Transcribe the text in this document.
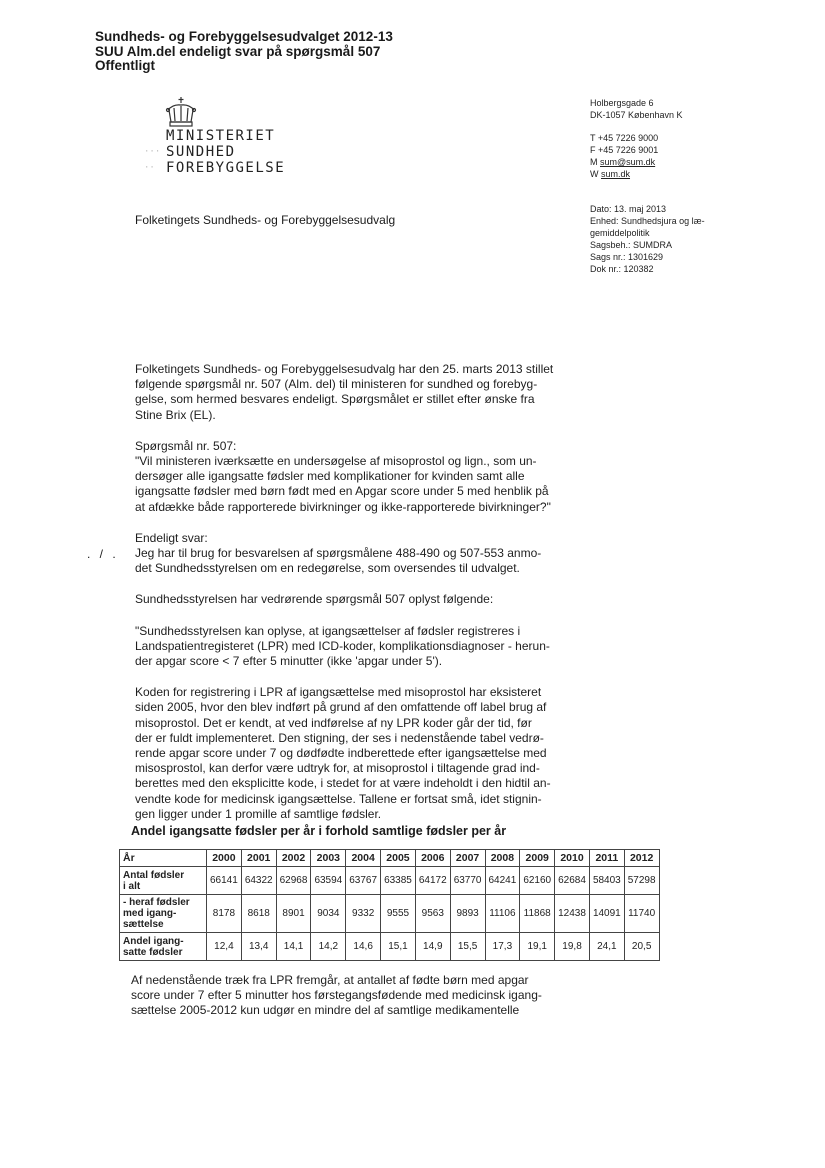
Sundheds- og Forebyggelsesudvalget 2012-13
SUU Alm.del endeligt svar på spørgsmål 507
Offentligt
···
··
MINISTERIET
SUNDHED
FOREBYGGELSE
Holbergsgade 6
DK-1057 København K
T +45 7226 9000
F +45 7226 9001
M sum@sum.dk
W sum.dk
Dato: 13. maj 2013
Enhed: Sundhedsjura og læ-
gemiddelpolitik
Sagsbeh.: SUMDRA
Sags nr.: 1301629
Dok nr.: 120382
Folketingets Sundheds- og Forebyggelsesudvalg

Folketingets Sundheds- og Forebyggelsesudvalg har den 25. marts 2013 stillet
følgende spørgsmål nr. 507 (Alm. del) til ministeren for sundhed og forebyg-
gelse, som hermed besvares endeligt. Spørgsmålet er stillet efter ønske fra
Stine Brix (EL).

Spørgsmål nr. 507:
"Vil ministeren iværksætte en undersøgelse af misoprostol og lign., som un-
dersøger alle igangsatte fødsler med komplikationer for kvinden samt alle
igangsatte fødsler med børn født med en Apgar score under 5 med henblik på
at afdække både rapporterede bivirkninger og ikke-rapporterede bivirkninger?"

Endeligt svar:
Jeg har til brug for besvarelsen af spørgsmålene 488-490 og 507-553 anmo-
det Sundhedsstyrelsen om en redegørelse, som oversendes til udvalget.

Sundhedsstyrelsen har vedrørende spørgsmål 507 oplyst følgende:

"Sundhedsstyrelsen kan oplyse, at igangsættelser af fødsler registreres i
Landspatientregisteret (LPR) med ICD-koder, komplikationsdiagnoser - herun-
der apgar score < 7 efter 5 minutter (ikke 'apgar under 5').

Koden for registrering i LPR af igangsættelse med misoprostol har eksisteret
siden 2005, hvor den blev indført på grund af den omfattende off label brug af
misoprostol. Det er kendt, at ved indførelse af ny LPR koder går der tid, før
der er fuldt implementeret. Den stigning, der ses i nedenstående tabel vedrø-
rende apgar score under 7 og dødfødte indberettede efter igangsættelse med
misosprostol, kan derfor være udtryk for, at misoprostol i tiltagende grad ind-
berettes med den eksplicitte kode, i stedet for at være indeholdt i den hidtil an-
vendte kode for medicinsk igangsættelse. Tallene er fortsat små, idet stignin-
gen ligger under 1 promille af samtlige fødsler.

. / .
Andel igangsatte fødsler per år i forhold samtlige fødsler per år
År	2000	2001	2002	2003	2004	2005	2006	2007	2008	2009	2010	2011	2012
Antal fødsler
i alt	66141	64322	62968	63594	63767	63385	64172	63770	64241	62160	62684	58403	57298
- heraf fødsler
med igang-
sættelse	8178	8618	8901	9034	9332	9555	9563	9893	11106	11868	12438	14091	11740
Andel igang-
satte fødsler	12,4	13,4	14,1	14,2	14,6	15,1	14,9	15,5	17,3	19,1	19,8	24,1	20,5
Af nedenstående træk fra LPR fremgår, at antallet af fødte børn med apgar
score under 7 efter 5 minutter hos førstegangsfødende med medicinsk igang-
sættelse 2005-2012 kun udgør en mindre del af samtlige medikamentelle
